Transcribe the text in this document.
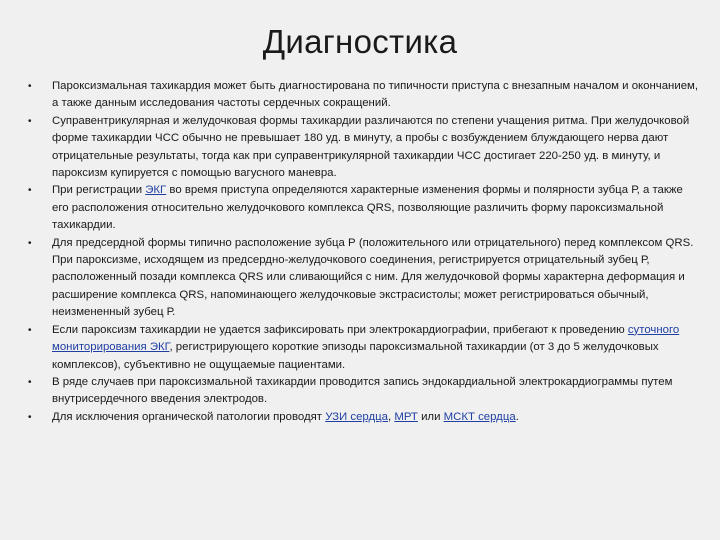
Диагностика
•	Пароксизмальная тахикардия может быть диагностирована по типичности приступа с внезапным началом и окончанием, а также данным исследования частоты сердечных сокращений.
•	Суправентрикулярная и желудочковая формы тахикардии различаются по степени учащения ритма. При желудочковой форме тахикардии ЧСС обычно не превышает 180 уд. в минуту, а пробы с возбуждением блуждающего нерва дают отрицательные результаты, тогда как при суправентрикулярной тахикардии ЧСС достигает 220-250 уд. в минуту, и пароксизм купируется с помощью вагусного маневра.
•	При регистрации ЭКГ во время приступа определяются характерные изменения формы и полярности зубца Р, а также его расположения относительно желудочкового комплекса QRS, позволяющие различить форму пароксизмальной тахикардии.
•	Для предсердной формы типично расположение зубца Р (положительного или отрицательного) перед комплексом QRS. При пароксизме, исходящем из предсердно-желудочкового соединения, регистрируется отрицательный зубец Р, расположенный позади комплекса QRS или сливающийся с ним. Для желудочковой формы характерна деформация и расширение комплекса QRS, напоминающего желудочковые экстрасистолы; может регистрироваться обычный, неизмененный зубец Р.
•	Если пароксизм тахикардии не удается зафиксировать при электрокардиографии, прибегают к проведению суточного мониторирования ЭКГ, регистрирующего короткие эпизоды пароксизмальной тахикардии (от 3 до 5 желудочковых комплексов), субъективно не ощущаемые пациентами.
•	В ряде случаев при пароксизмальной тахикардии проводится запись эндокардиальной электрокардиограммы путем внутрисердечного введения электродов.
•	Для исключения органической патологии проводят УЗИ сердца, МРТ или МСКТ сердца.
